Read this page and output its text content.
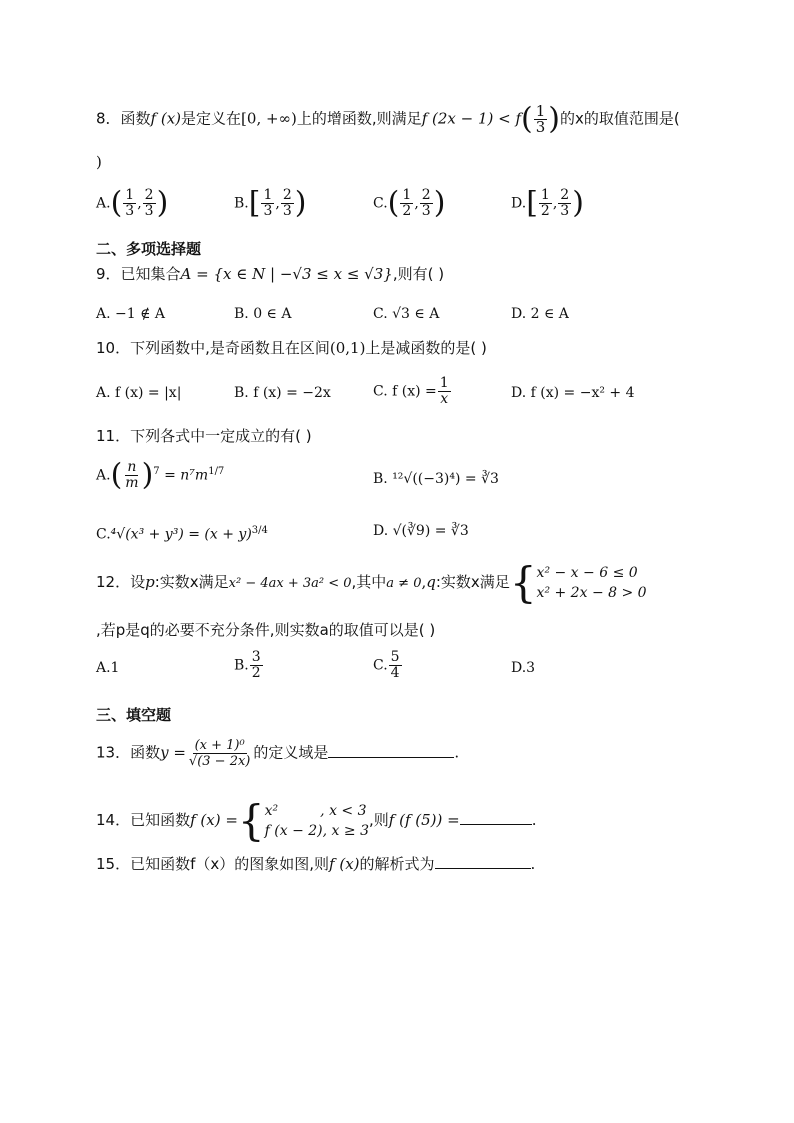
8．函数f (x)是定义在[0, +∞)上的增函数,则满足f $(2x - 1) < f( \frac{1}{3}$ )的x的取值范围是(
)
$A.( \frac{1}{3}$ , $\frac{2}{3}$ )	$B.[ \frac{1}{3}$ , $\frac{2}{3}$ )	$C.( \frac{1}{2}$ , $\frac{2}{3}$ )	$D.[ \frac{1}{2}$ , $\frac{2}{3}$ )
二、多项选择题
9．已知集合A = {x ∈ N | −√3 ≤ x ≤ √3},则有( )
A. −1 ∉ A	B. 0 ∈ A	C. √3 ∈ A	D. 2 ∈ A
10．下列函数中,是奇函数且在区间(0,1)上是减函数的是( )
A. f (x) = |x|	B. f (x) = −2x	C. f $(x) = \frac{1}{x}$	D. f (x) = −x² + 4
11．下列各式中一定成立的有( )
$A.( \frac{n}{m} )^7 = n^7m^{1/7}$	B. ¹²√((−3)⁴) = ∛3
$C.^4√(x^3 + y^3) = (x + y)^{3/4}$	D. √(∛9) = ∛3
12．设p:实数x满足x² − 4ax + 3a² < 0,其中a ≠ 0,q:实数x满足{ x² − x − 6 ≤ 0
x² + 2x − 8 > 0
,若p是q的必要不充分条件,则实数a的取值可以是( )
A.1	B. $\frac{3}{2}$	C. $\frac{5}{4}$	D.3
三、填空题
13．函数$y = \frac{\text{(x + 1)⁰}}{√(3 - 2x)}$ 的定义域是	.
14．已知函数f (x) ={ x²	, x < 3
f (x − 2), x ≥ 3
,则f (f (5)) =	.
15．已知函数f（x）的图象如图,则f (x)的解析式为	.
